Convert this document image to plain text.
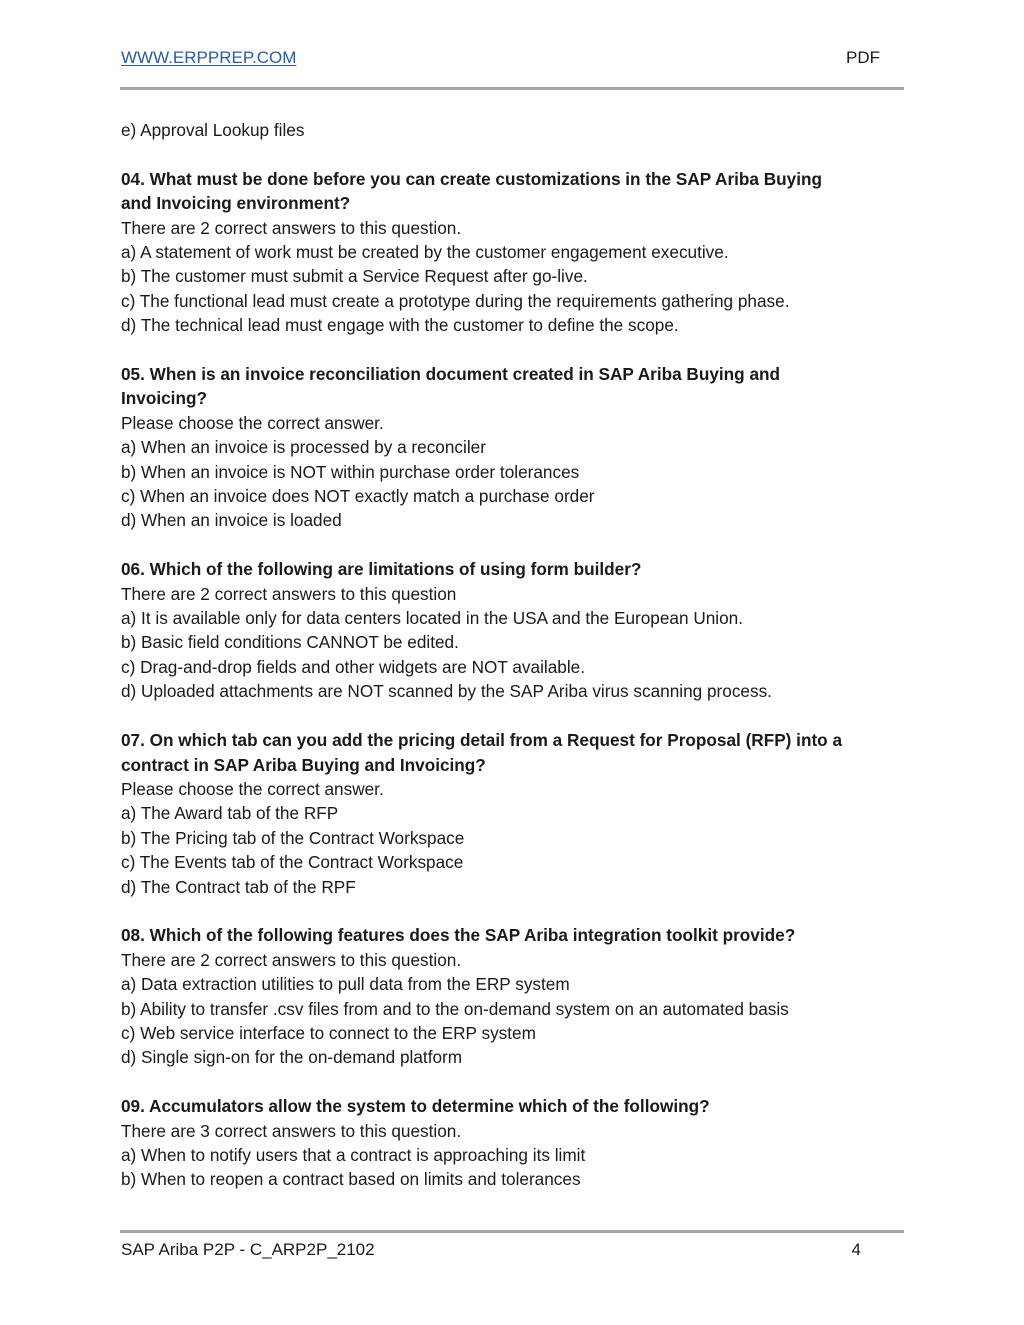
WWW.ERPPREP.COM	PDF
e) Approval Lookup files
04. What must be done before you can create customizations in the SAP Ariba Buying
and Invoicing environment?
There are 2 correct answers to this question.
a) A statement of work must be created by the customer engagement executive.
b) The customer must submit a Service Request after go-live.
c) The functional lead must create a prototype during the requirements gathering phase.
d) The technical lead must engage with the customer to define the scope.
05. When is an invoice reconciliation document created in SAP Ariba Buying and
Invoicing?
Please choose the correct answer.
a) When an invoice is processed by a reconciler
b) When an invoice is NOT within purchase order tolerances
c) When an invoice does NOT exactly match a purchase order
d) When an invoice is loaded
06. Which of the following are limitations of using form builder?
There are 2 correct answers to this question
a) It is available only for data centers located in the USA and the European Union.
b) Basic field conditions CANNOT be edited.
c) Drag-and-drop fields and other widgets are NOT available.
d) Uploaded attachments are NOT scanned by the SAP Ariba virus scanning process.
07. On which tab can you add the pricing detail from a Request for Proposal (RFP) into a
contract in SAP Ariba Buying and Invoicing?
Please choose the correct answer.
a) The Award tab of the RFP
b) The Pricing tab of the Contract Workspace
c) The Events tab of the Contract Workspace
d) The Contract tab of the RPF
08. Which of the following features does the SAP Ariba integration toolkit provide?
There are 2 correct answers to this question.
a) Data extraction utilities to pull data from the ERP system
b) Ability to transfer .csv files from and to the on-demand system on an automated basis
c) Web service interface to connect to the ERP system
d) Single sign-on for the on-demand platform
09. Accumulators allow the system to determine which of the following?
There are 3 correct answers to this question.
a) When to notify users that a contract is approaching its limit
b) When to reopen a contract based on limits and tolerances
SAP Ariba P2P - C_ARP2P_2102	4
